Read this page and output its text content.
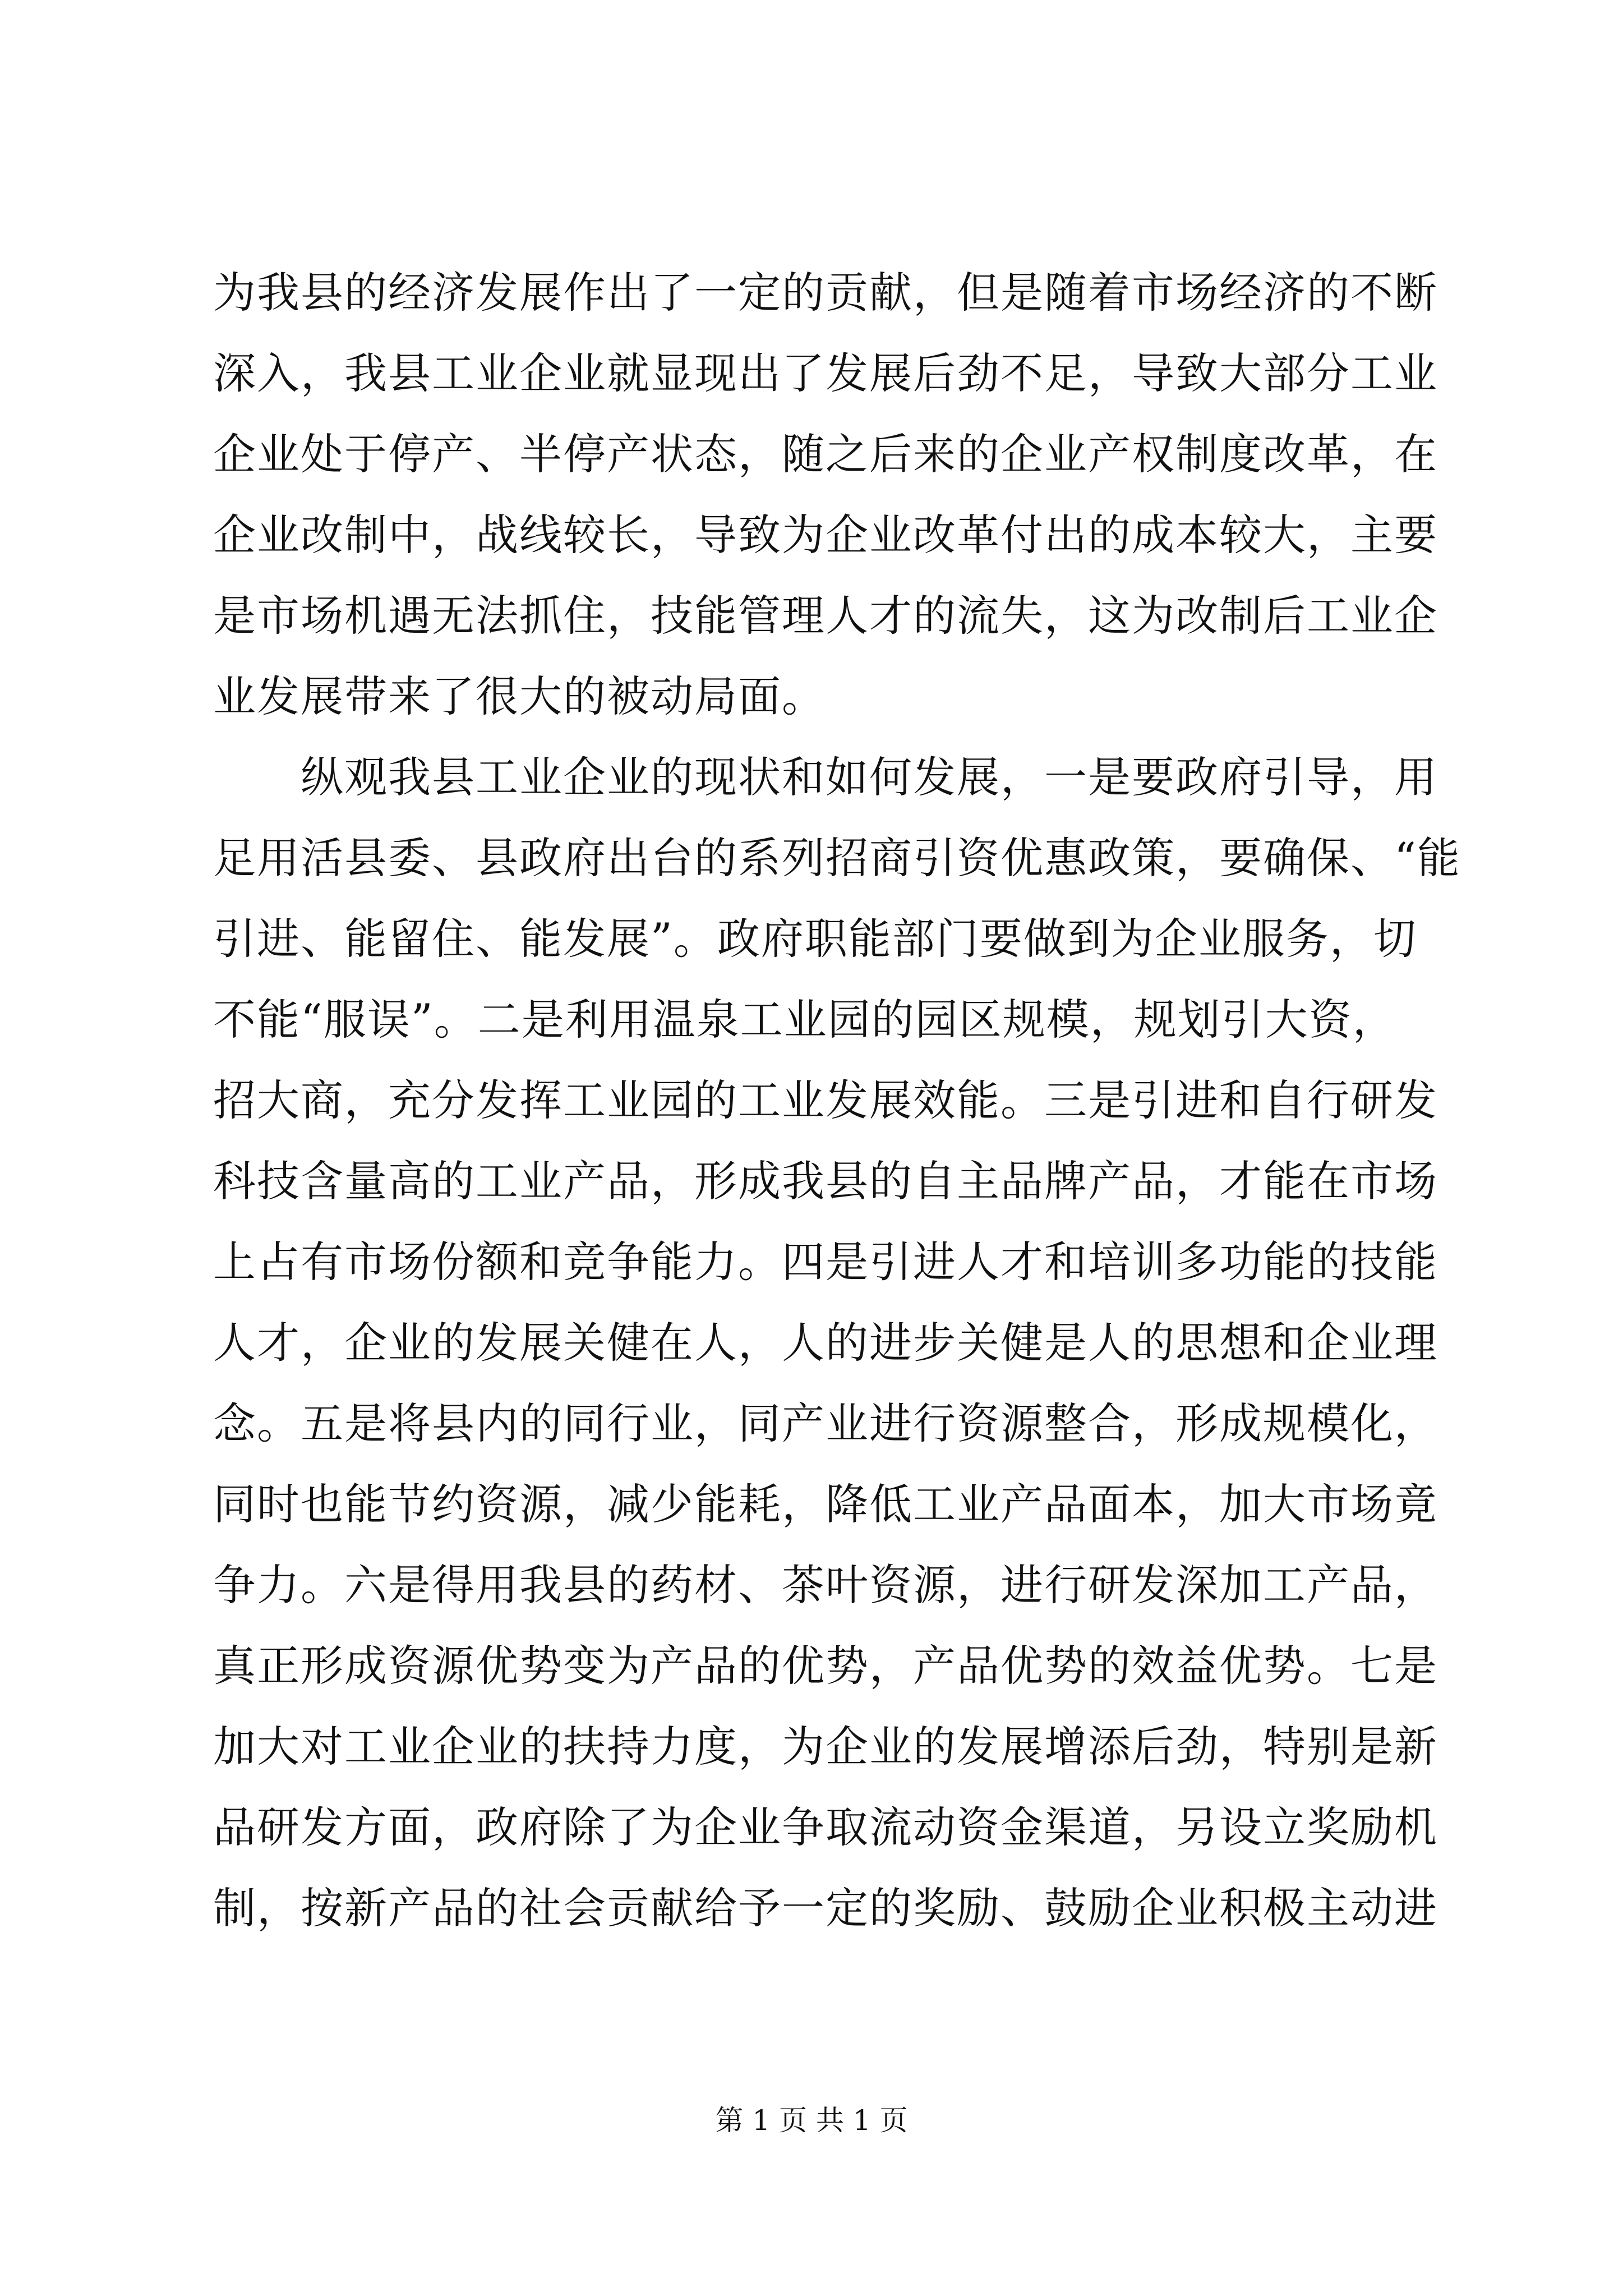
为我县的经济发展作出了一定的贡献，但是随着市场经济的不断
深入，我县工业企业就显现出了发展后劲不足，导致大部分工业
企业处于停产、半停产状态，随之后来的企业产权制度改革，在
企业改制中，战线较长，导致为企业改革付出的成本较大，主要
是市场机遇无法抓住，技能管理人才的流失，这为改制后工业企
业发展带来了很大的被动局面。
　　纵观我县工业企业的现状和如何发展，一是要政府引导，用
足用活县委、县政府出台的系列招商引资优惠政策，要确保、“能
引进、能留住、能发展”。政府职能部门要做到为企业服务，切
不能“服误”。二是利用温泉工业园的园区规模，规划引大资，
招大商，充分发挥工业园的工业发展效能。三是引进和自行研发
科技含量高的工业产品，形成我县的自主品牌产品，才能在市场
上占有市场份额和竞争能力。四是引进人才和培训多功能的技能
人才，企业的发展关健在人，人的进步关健是人的思想和企业理
念。五是将县内的同行业，同产业进行资源整合，形成规模化，
同时也能节约资源，减少能耗，降低工业产品面本，加大市场竟
争力。六是得用我县的药材、茶叶资源，进行研发深加工产品，
真正形成资源优势变为产品的优势，产品优势的效益优势。七是
加大对工业企业的扶持力度，为企业的发展增添后劲，特别是新
品研发方面，政府除了为企业争取流动资金渠道，另设立奖励机
制，按新产品的社会贡献给予一定的奖励、鼓励企业积极主动进
第 1 页 共 1 页
